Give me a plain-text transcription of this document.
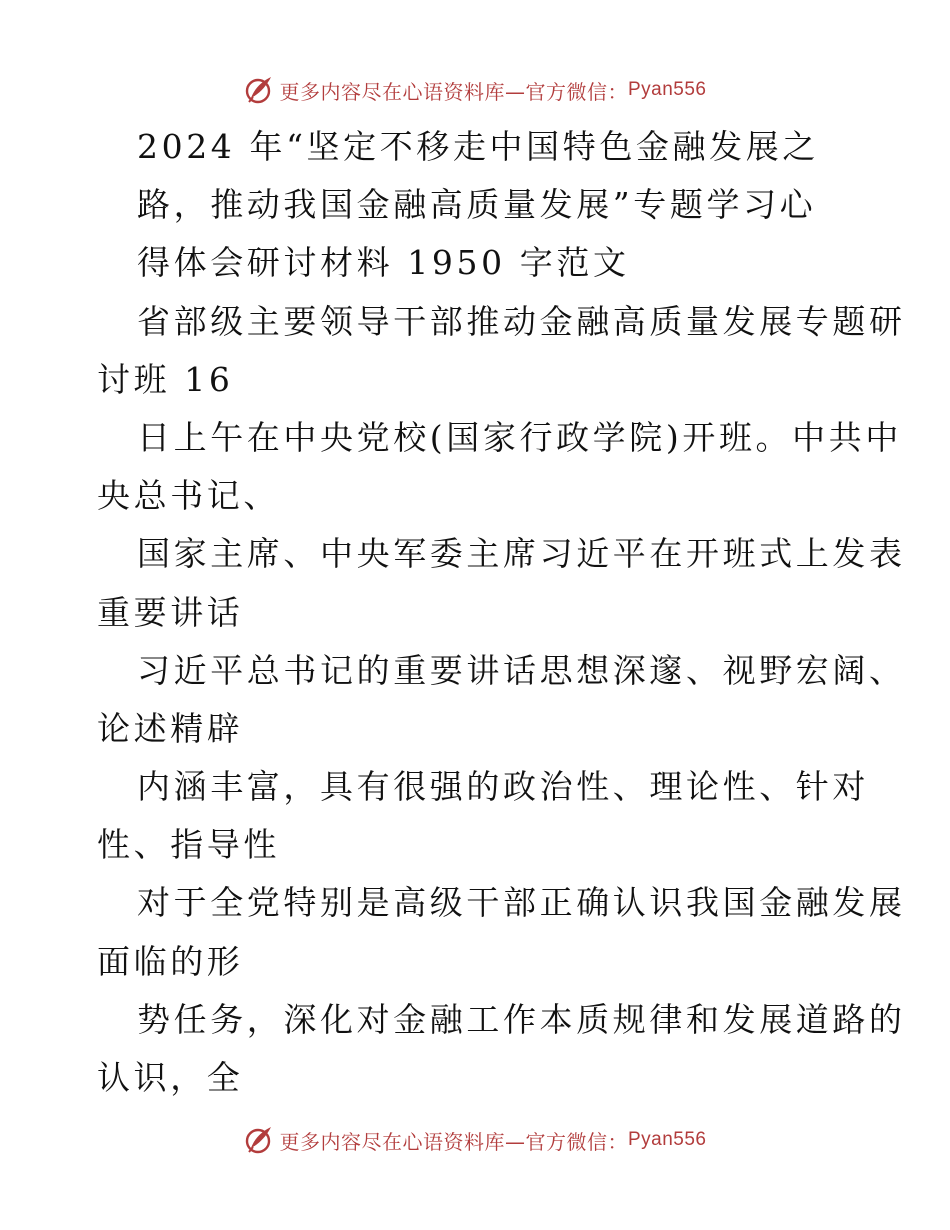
更多内容尽在心语资料库—官方微信： Pyan556
2024 年“坚定不移走中国特色金融发展之
路，推动我国金融高质量发展”专题学习心
得体会研讨材料 1950 字范文
省部级主要领导干部推动金融高质量发展专题研
讨班 16
日上午在中央党校(国家行政学院)开班。中共中
央总书记、
国家主席、中央军委主席习近平在开班式上发表
重要讲话
习近平总书记的重要讲话思想深邃、视野宏阔、
论述精辟
内涵丰富，具有很强的政治性、理论性、针对
性、指导性
对于全党特别是高级干部正确认识我国金融发展
面临的形
势任务，深化对金融工作本质规律和发展道路的
认识，全
更多内容尽在心语资料库—官方微信： Pyan556
